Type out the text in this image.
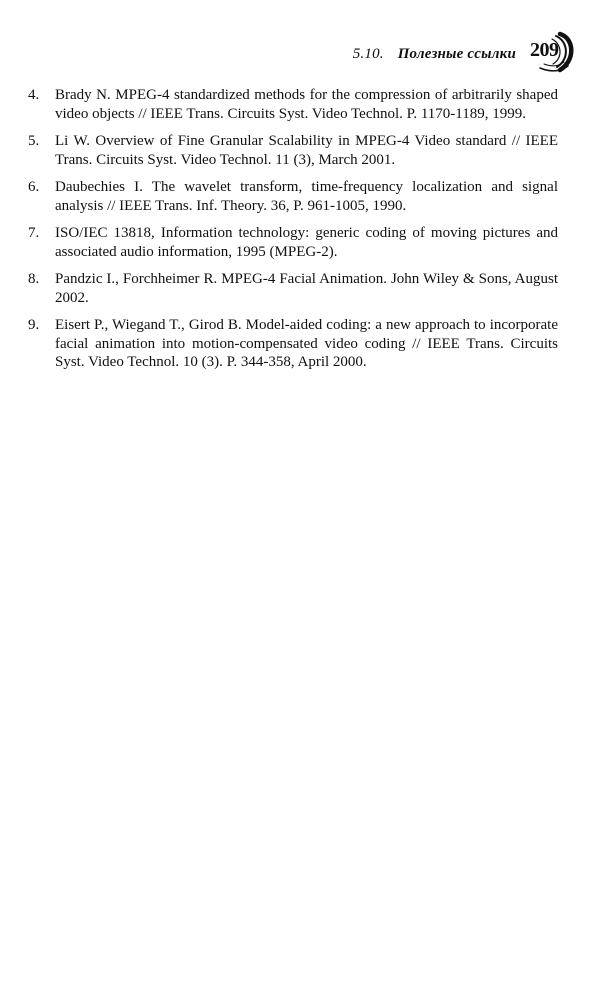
5.10. Полезные ссылки 209
4. Brady N. MPEG-4 standardized methods for the compression of arbitrarily shaped video objects // IEEE Trans. Circuits Syst. Video Technol. P. 1170-1189, 1999.
5. Li W. Overview of Fine Granular Scalability in MPEG-4 Video standard // IEEE Trans. Circuits Syst. Video Technol. 11 (3), March 2001.
6. Daubechies I. The wavelet transform, time-frequency localization and signal analysis // IEEE Trans. Inf. Theory. 36, P. 961-1005, 1990.
7. ISO/IEC 13818, Information technology: generic coding of moving pictures and associated audio information, 1995 (MPEG-2).
8. Pandzic I., Forchheimer R. MPEG-4 Facial Animation. John Wiley & Sons, August 2002.
9. Eisert P., Wiegand T., Girod B. Model-aided coding: a new approach to incorporate facial animation into motion-compensated video coding // IEEE Trans. Circuits Syst. Video Technol. 10 (3). P. 344-358, April 2000.
